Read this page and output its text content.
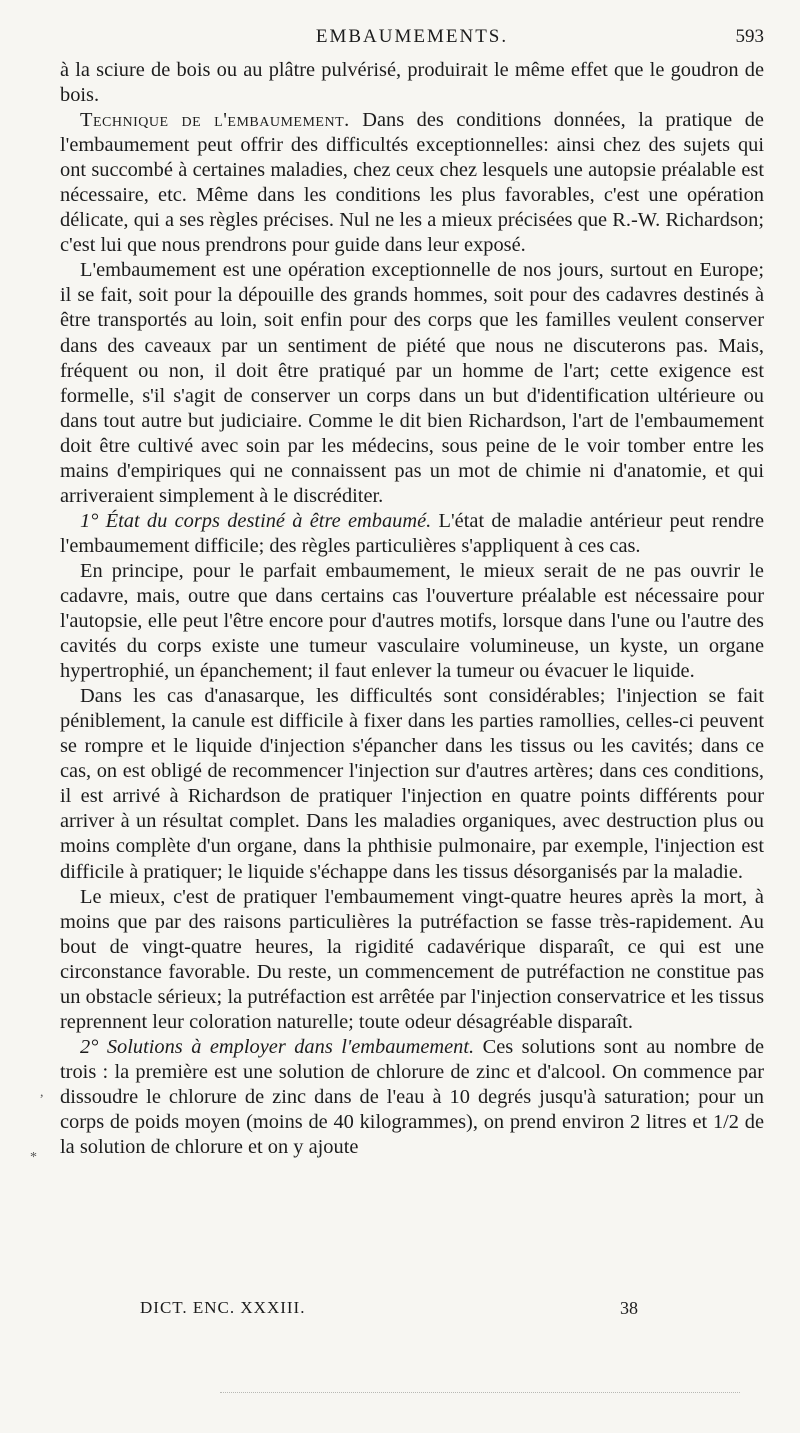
EMBAUMEMENTS.	593

à la sciure de bois ou au plâtre pulvérisé, produirait le même effet que le goudron de bois.

Technique de l'embaumement. Dans des conditions données, la pratique de l'embaumement peut offrir des difficultés exceptionnelles: ainsi chez des sujets qui ont succombé à certaines maladies, chez ceux chez lesquels une autopsie préalable est nécessaire, etc. Même dans les conditions les plus favorables, c'est une opération délicate, qui a ses règles précises. Nul ne les a mieux précisées que R.-W. Richardson; c'est lui que nous prendrons pour guide dans leur exposé.

L'embaumement est une opération exceptionnelle de nos jours, surtout en Europe; il se fait, soit pour la dépouille des grands hommes, soit pour des cadavres destinés à être transportés au loin, soit enfin pour des corps que les familles veulent conserver dans des caveaux par un sentiment de piété que nous ne discuterons pas. Mais, fréquent ou non, il doit être pratiqué par un homme de l'art; cette exigence est formelle, s'il s'agit de conserver un corps dans un but d'identification ultérieure ou dans tout autre but judiciaire. Comme le dit bien Richardson, l'art de l'embaumement doit être cultivé avec soin par les médecins, sous peine de le voir tomber entre les mains d'empiriques qui ne connaissent pas un mot de chimie ni d'anatomie, et qui arriveraient simplement à le discréditer.

1° État du corps destiné à être embaumé. L'état de maladie antérieur peut rendre l'embaumement difficile; des règles particulières s'appliquent à ces cas.

En principe, pour le parfait embaumement, le mieux serait de ne pas ouvrir le cadavre, mais, outre que dans certains cas l'ouverture préalable est nécessaire pour l'autopsie, elle peut l'être encore pour d'autres motifs, lorsque dans l'une ou l'autre des cavités du corps existe une tumeur vasculaire volumineuse, un kyste, un organe hypertrophié, un épanchement; il faut enlever la tumeur ou évacuer le liquide.

Dans les cas d'anasarque, les difficultés sont considérables; l'injection se fait péniblement, la canule est difficile à fixer dans les parties ramollies, celles-ci peuvent se rompre et le liquide d'injection s'épancher dans les tissus ou les cavités; dans ce cas, on est obligé de recommencer l'injection sur d'autres artères; dans ces conditions, il est arrivé à Richardson de pratiquer l'injection en quatre points différents pour arriver à un résultat complet. Dans les maladies organiques, avec destruction plus ou moins complète d'un organe, dans la phthisie pulmonaire, par exemple, l'injection est difficile à pratiquer; le liquide s'échappe dans les tissus désorganisés par la maladie.

Le mieux, c'est de pratiquer l'embaumement vingt-quatre heures après la mort, à moins que par des raisons particulières la putréfaction se fasse très-rapidement. Au bout de vingt-quatre heures, la rigidité cadavérique disparaît, ce qui est une circonstance favorable. Du reste, un commencement de putréfaction ne constitue pas un obstacle sérieux; la putréfaction est arrêtée par l'injection conservatrice et les tissus reprennent leur coloration naturelle; toute odeur désagréable disparaît.

2° Solutions à employer dans l'embaumement. Ces solutions sont au nombre de trois : la première est une solution de chlorure de zinc et d'alcool. On commence par dissoudre le chlorure de zinc dans de l'eau à 10 degrés jusqu'à saturation; pour un corps de poids moyen (moins de 40 kilogrammes), on prend environ 2 litres et 1/2 de la solution de chlorure et on y ajoute

DICT. ENC. XXXIII.	38
*
,
